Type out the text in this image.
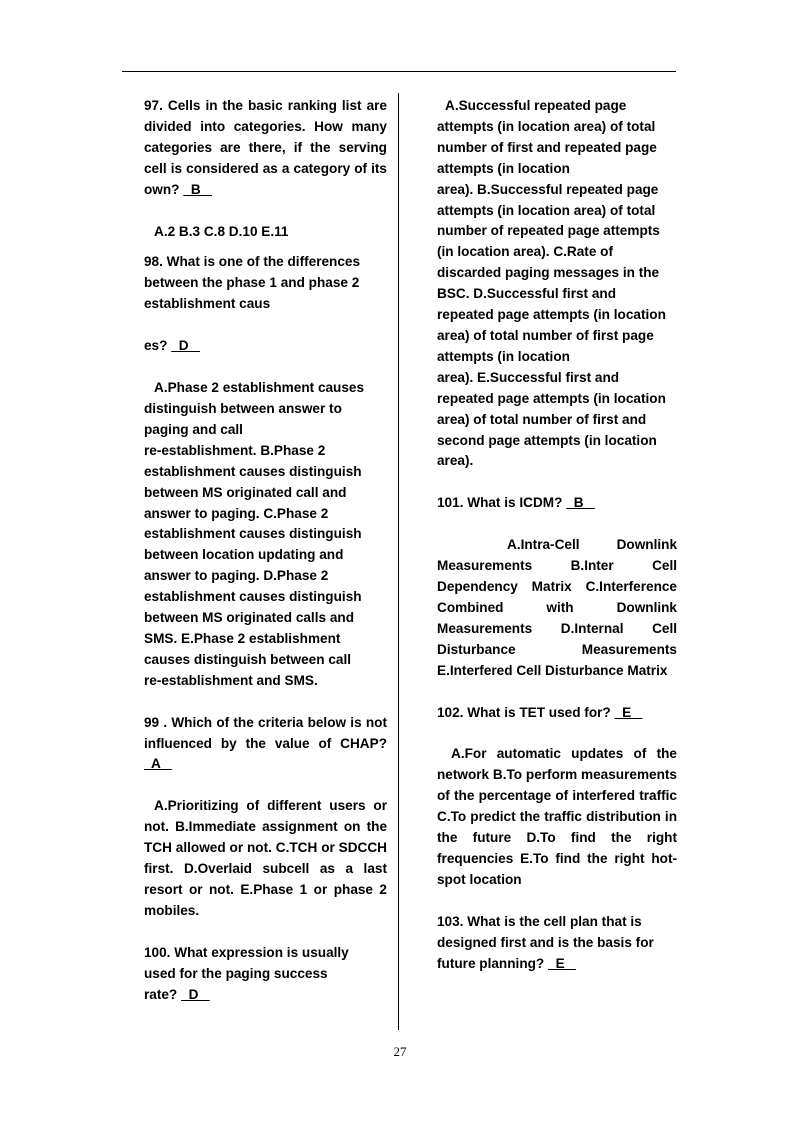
97. Cells in the basic ranking list are divided into categories. How many categories are there, if the serving cell is considered as a category of its own?   B

A.2 B.3 C.8 D.10 E.11

98. What is one of the differences
between the phase 1 and phase 2
establishment caus

es?   D

A.Phase 2 establishment causes
distinguish between answer to
paging and call
re-establishment. B.Phase 2
establishment causes distinguish
between MS originated call and
answer to paging. C.Phase 2
establishment causes distinguish
between location updating and
answer to paging. D.Phase 2
establishment causes distinguish
between MS originated calls and
SMS. E.Phase 2 establishment
causes distinguish between call
re-establishment and SMS.

99 . Which of the criteria below is not influenced by the value of CHAP?   A

A.Prioritizing of different users or not. B.Immediate assignment on the TCH allowed or not. C.TCH or SDCCH first. D.Overlaid subcell as a last resort or not. E.Phase 1 or phase 2 mobiles.

100. What expression is usually
used for the paging success
rate?   D

A.Successful repeated page
attempts (in location area) of total
number of first and repeated page
attempts (in location
area). B.Successful repeated page
attempts (in location area) of total
number of repeated page attempts
(in location area). C.Rate of
discarded paging messages in the
BSC. D.Successful first and
repeated page attempts (in location
area) of total number of first page
attempts (in location
area). E.Successful first and
repeated page attempts (in location
area) of total number of first and
second page attempts (in location
area).

101. What is ICDM?   B

A.Intra-Cell Downlink Measurements B.Inter Cell Dependency Matrix C.Interference Combined with Downlink Measurements D.Internal Cell Disturbance Measurements E.Interfered Cell Disturbance Matrix

102. What is TET used for?   E

A.For automatic updates of the network B.To perform measurements of the percentage of interfered traffic C.To predict the traffic distribution in the future D.To find the right frequencies E.To find the right hot-spot location

103. What is the cell plan that is
designed first and is the basis for
future planning?   E

27
